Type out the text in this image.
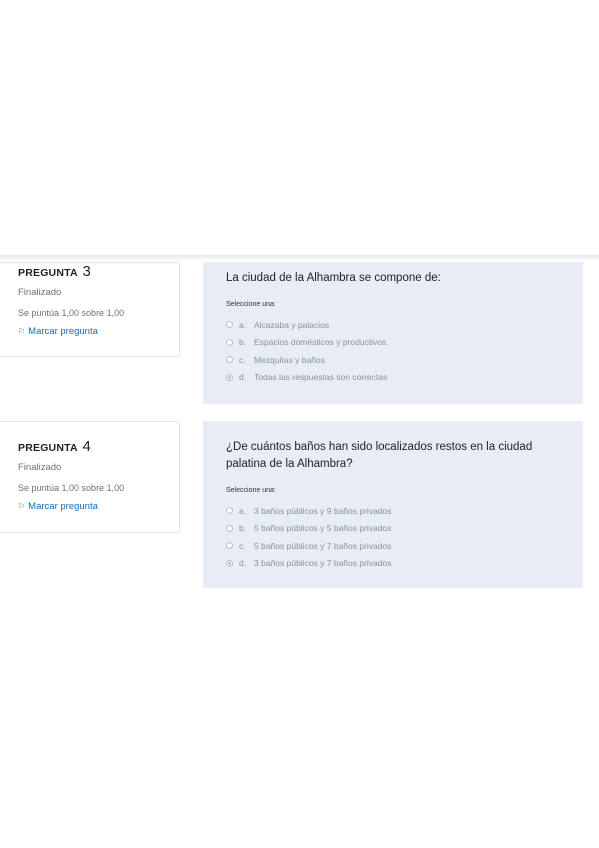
PREGUNTA 3
Finalizado
Se puntúa 1,00 sobre 1,00
⚐ Marcar pregunta

La ciudad de la Alhambra se compone de:

Seleccione una:
a. Alcazaba y palacios
b. Espacios domésticos y productivos.
c. Mezquitas y baños
d. Todas las respuestas son correctas
PREGUNTA 4
Finalizado
Se puntúa 1,00 sobre 1,00
⚐ Marcar pregunta

¿De cuántos baños han sido localizados restos en la ciudad palatina de la Alhambra?

Seleccione una:
a. 3 baños públicos y 9 baños privados
b. 5 baños públicos y 5 baños privados
c. 5 baños públicos y 7 baños privados
d. 3 baños públicos y 7 baños privados
